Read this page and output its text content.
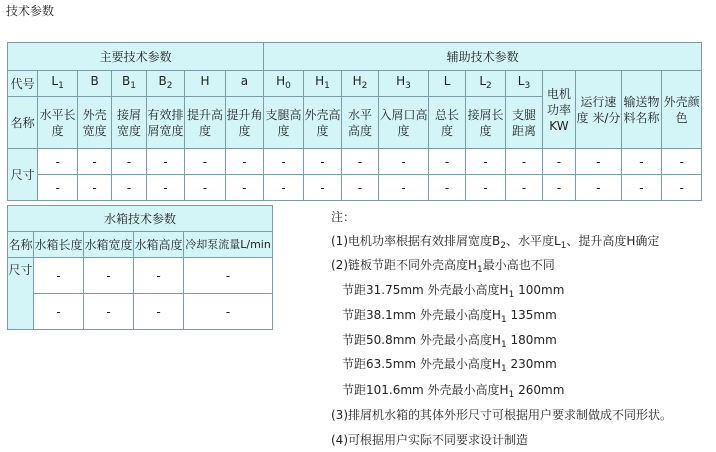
技术参数
主要技术参数							辅助技术参数										
代号	$L_1$	B	$B_1$	$B_2$	H	a	$H_0$	$H_1$	$H_2$	$H_3$	L	$L_2$	$L_3$	电机功率KW	运行速度 米/分	输送物料名称	外壳颜色
名称	水平长度	外壳宽度	接屑宽度	有效排屑宽度	提升高度	提升角度	支腿高度	外壳高度	水平高度	入屑口高度	总长度	接屑长度	支腿距离				
尺寸	-	-	-	-	-	-	-	-	-	-	-	-	-	-	-	-	-
	-	-	-	-	-	-	-	-	-	-	-	-	-	-	-	-	-
水箱技术参数				
名称	水箱长度	水箱宽度	水箱高度	冷却泵流量L/min
尺寸	-	-	-	-
	-	-	-	-
注：
(1)电机功率根据有效排屑宽度$B_2$、水平度$L_1$、提升高度H确定
(2)链板节距不同外壳高度$H_1$最小高也不同
节距31.75mm 外壳最小高度$H_1$ 100mm
节距38.1mm 外壳最小高度$H_1$ 135mm
节距50.8mm 外壳最小高度$H_1$ 180mm
节距63.5mm 外壳最小高度$H_1$ 230mm
节距101.6mm 外壳最小高度$H_1$ 260mm
(3)排屑机水箱的其体外形尺寸可根据用户要求制做成不同形状。
(4)可根据用户实际不同要求设计制造
